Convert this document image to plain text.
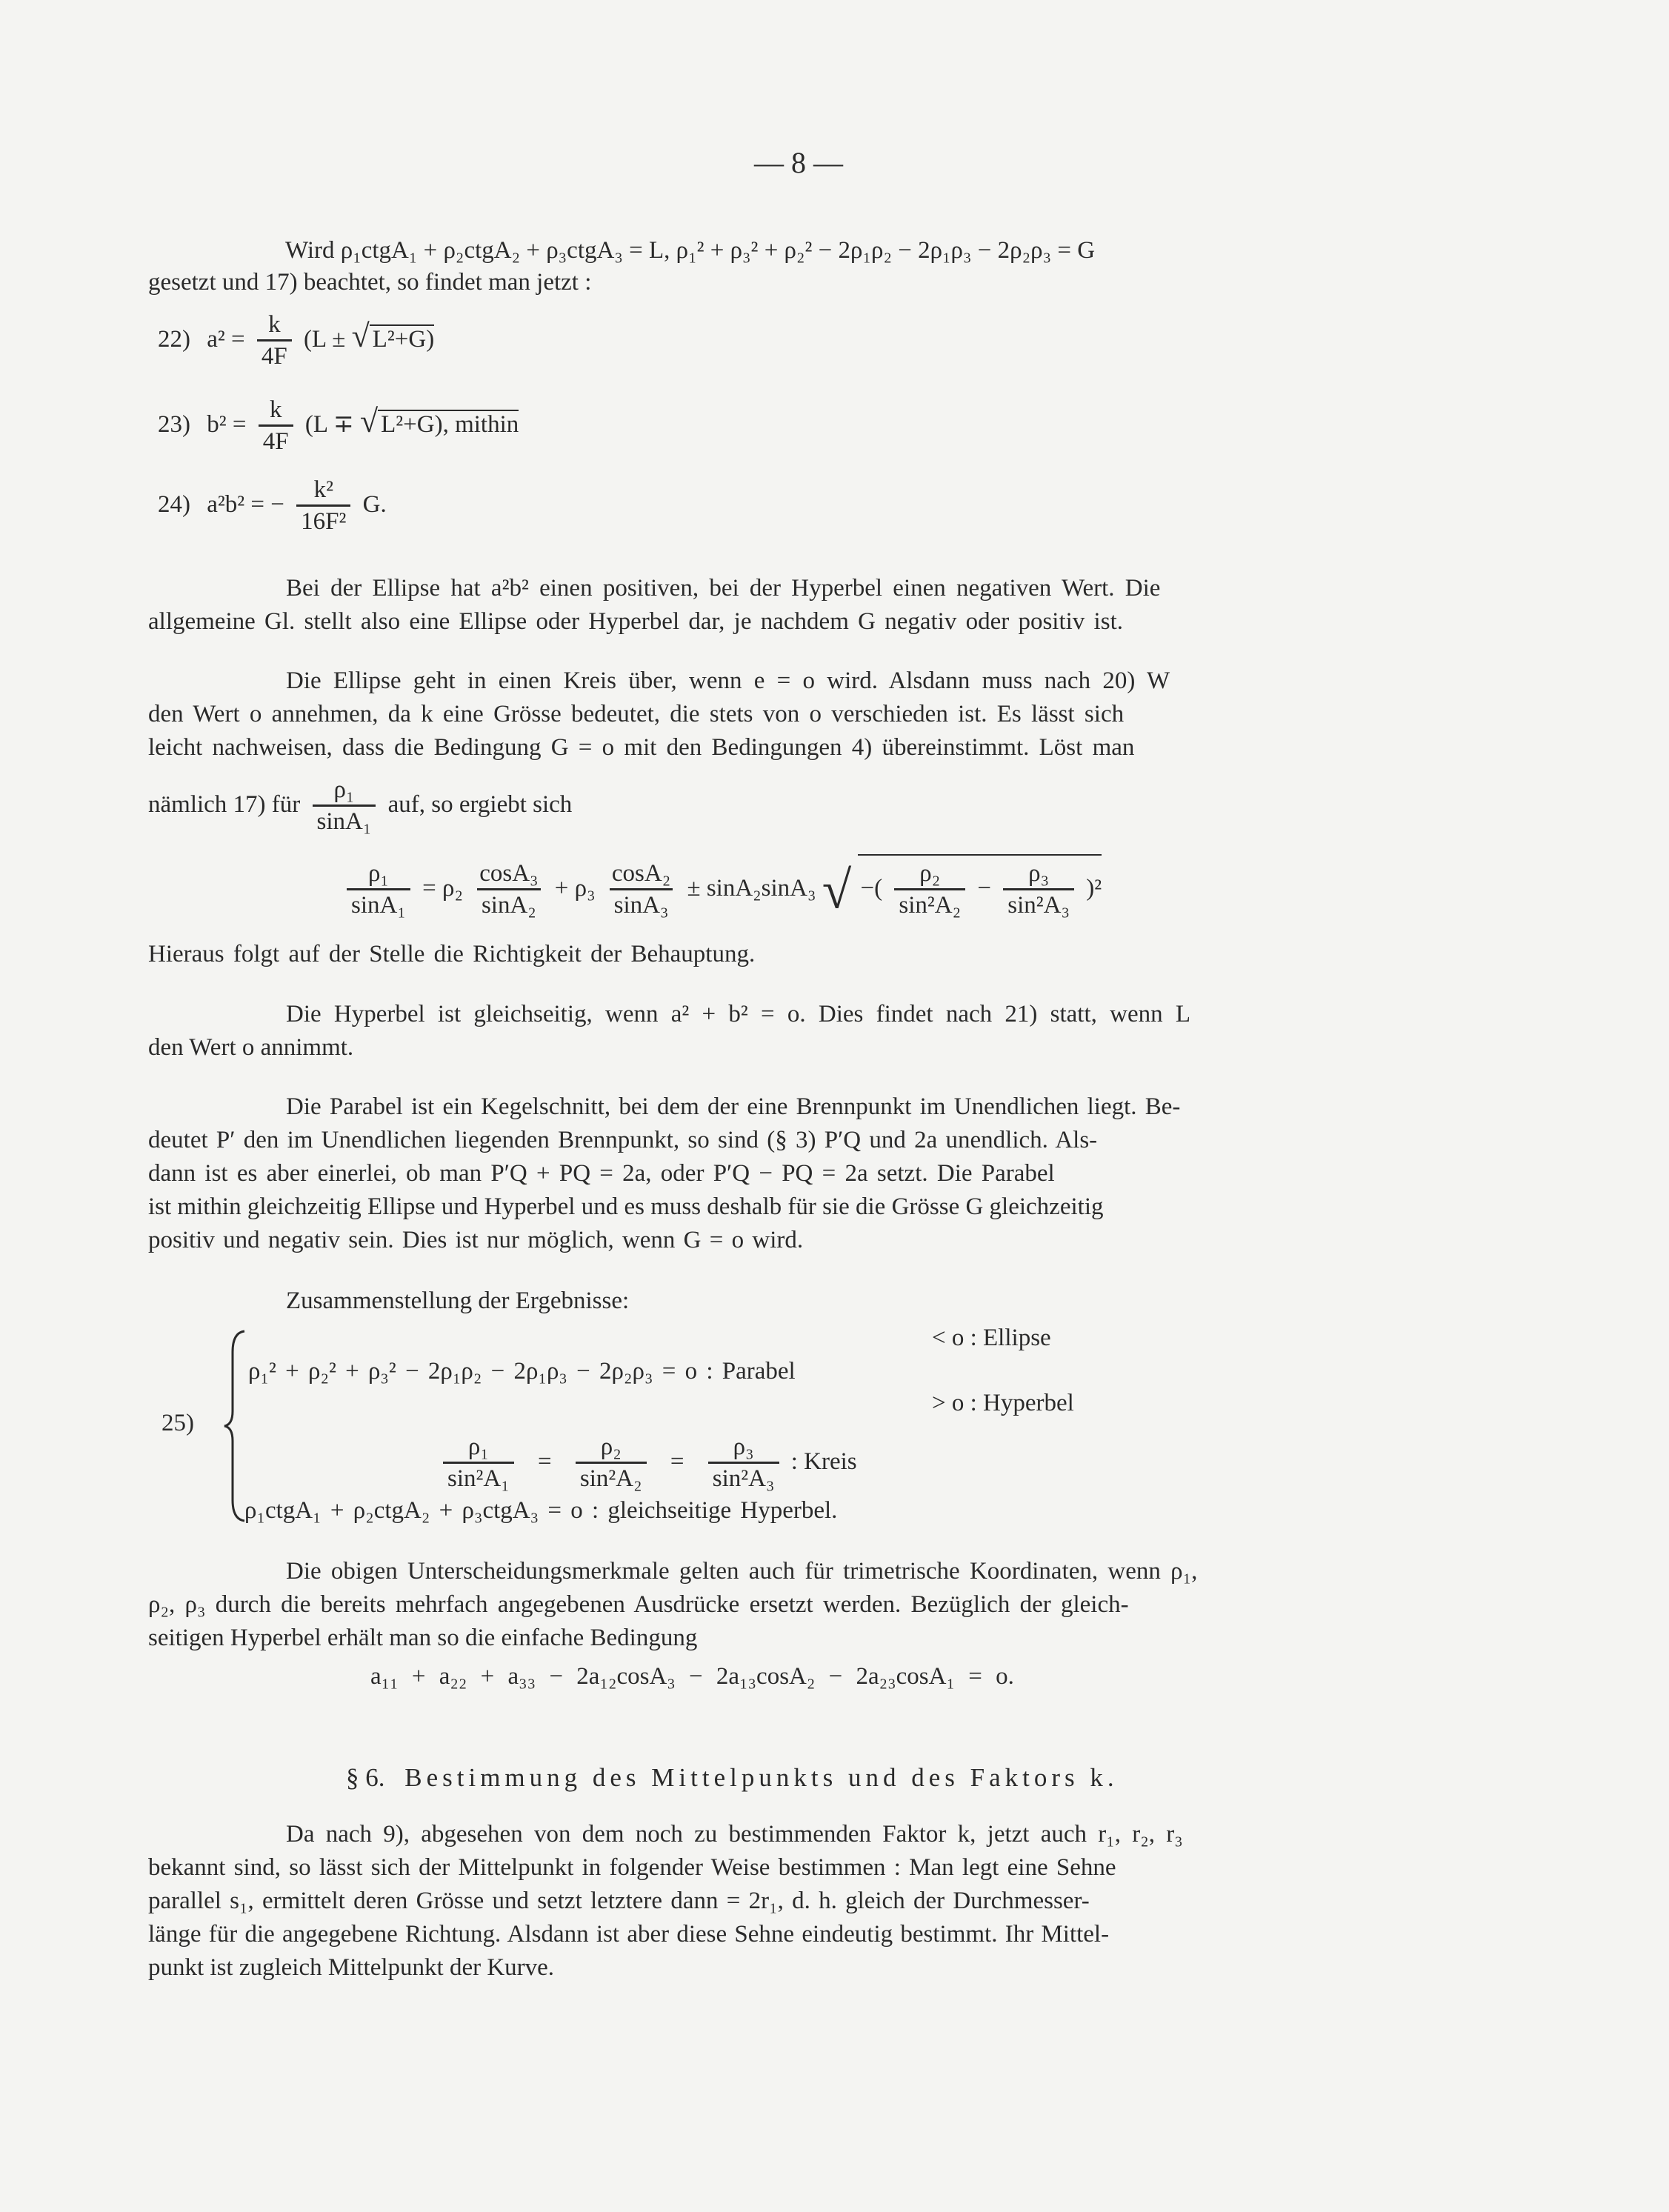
— 8 —
Wird ρ₁ctgA₁ + ρ₂ctgA₂ + ρ₃ctgA₃ = L, ρ₁² + ρ₃² + ρ₂² − 2ρ₁ρ₂ − 2ρ₁ρ₃ − 2ρ₂ρ₃ = G
gesetzt und 17) beachtet, so findet man jetzt :
22) $a^2 = \frac{k}{4F} (L$ ± √ L²+G)
23) $b^2 = \frac{k}{4F} (L$ ∓ √ L²+G), mithin
24) a²b² = − $\frac{\text{k²}}{\text{16F²}} G$.
Bei der Ellipse hat a²b² einen positiven, bei der Hyperbel einen negativen Wert. Die
allgemeine Gl. stellt also eine Ellipse oder Hyperbel dar, je nachdem G negativ oder positiv ist.
Die Ellipse geht in einen Kreis über, wenn e = o wird. Alsdann muss nach 20) W
den Wert o annehmen, da k eine Grösse bedeutet, die stets von o verschieden ist. Es lässt sich
leicht nachweisen, dass die Bedingung G = o mit den Bedingungen 4) übereinstimmt. Löst man
nämlich 17) für $\frac{\text{ρ₁}}{\text{sinA₁}}$ auf, so ergiebt sich
$\frac{\text{ρ₁}}{\text{sinA₁}} = \rho_2 \frac{\text{cosA₃}}{\text{sinA₂}} + \rho_3 \frac{\text{cosA₂}}{\text{sinA₃}} \pm \sin A_2\sin A_3$ √ −( $\frac{\text{ρ₂}}{\text{sin²A₂}} - \frac{\text{ρ₃}}{\text{sin²A₃}} )^2$
Hieraus folgt auf der Stelle die Richtigkeit der Behauptung.
Die Hyperbel ist gleichseitig, wenn a² + b² = o. Dies findet nach 21) statt, wenn L
den Wert o annimmt.
Die Parabel ist ein Kegelschnitt, bei dem der eine Brennpunkt im Unendlichen liegt. Be-
deutet P′ den im Unendlichen liegenden Brennpunkt, so sind (§ 3) P′Q und 2a unendlich. Als-
dann ist es aber einerlei, ob man P′Q + PQ = 2a, oder P′Q − PQ = 2a setzt. Die Parabel
ist mithin gleichzeitig Ellipse und Hyperbel und es muss deshalb für sie die Grösse G gleichzeitig
positiv und negativ sein. Dies ist nur möglich, wenn G = o wird.
Zusammenstellung der Ergebnisse:
25)
< o : Ellipse
ρ₁² + ρ₂² + ρ₃² − 2ρ₁ρ₂ − 2ρ₁ρ₃ − 2ρ₂ρ₃ = o : Parabel
> o : Hyperbel
$\frac{\text{ρ₁}}{\text{sin²A₁}} = \frac{\text{ρ₂}}{\text{sin²A₂}} = \frac{\text{ρ₃}}{\text{sin²A₃}}$ : Kreis
ρ₁ctgA₁ + ρ₂ctgA₂ + ρ₃ctgA₃ = o : gleichseitige Hyperbel.
Die obigen Unterscheidungsmerkmale gelten auch für trimetrische Koordinaten, wenn ρ₁,
ρ₂, ρ₃ durch die bereits mehrfach angegebenen Ausdrücke ersetzt werden. Bezüglich der gleich-
seitigen Hyperbel erhält man so die einfache Bedingung
a₁₁ + a₂₂ + a₃₃ − 2a₁₂cosA₃ − 2a₁₃cosA₂ − 2a₂₃cosA₁ = o.
§ 6. Bestimmung des Mittelpunkts und des Faktors k.
Da nach 9), abgesehen von dem noch zu bestimmenden Faktor k, jetzt auch r₁, r₂, r₃
bekannt sind, so lässt sich der Mittelpunkt in folgender Weise bestimmen : Man legt eine Sehne
parallel s₁, ermittelt deren Grösse und setzt letztere dann = 2r₁, d. h. gleich der Durchmesser-
länge für die angegebene Richtung. Alsdann ist aber diese Sehne eindeutig bestimmt. Ihr Mittel-
punkt ist zugleich Mittelpunkt der Kurve.
